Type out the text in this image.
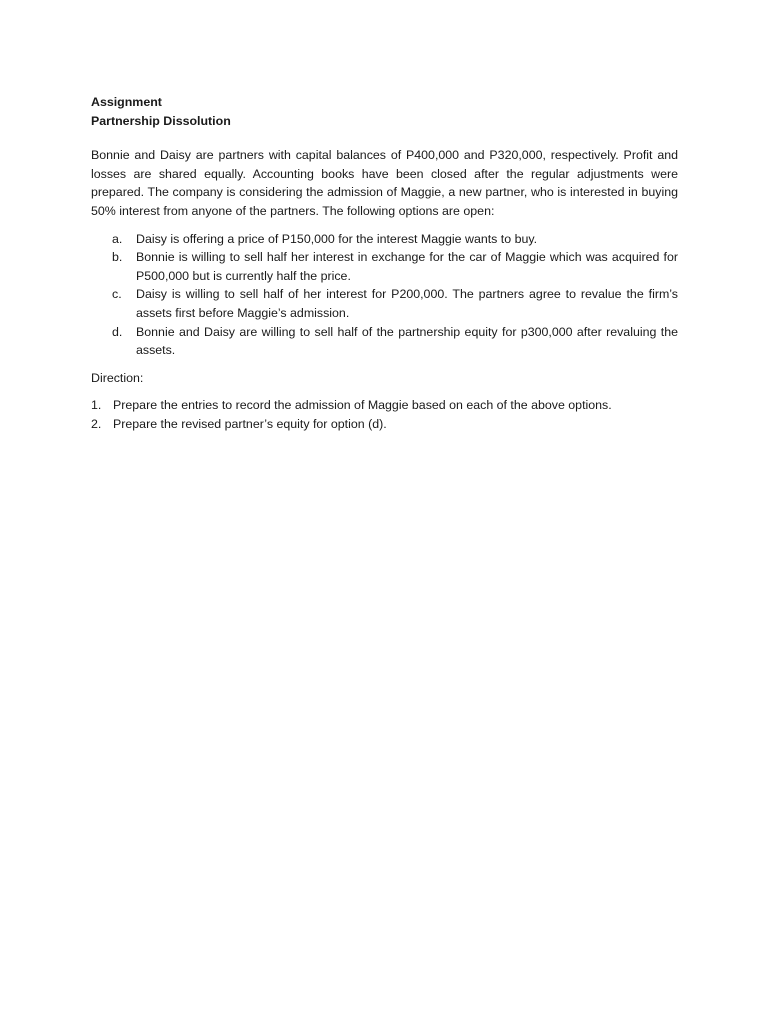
Assignment

Partnership Dissolution

Bonnie and Daisy are partners with capital balances of P400,000 and P320,000, respectively. Profit and losses are shared equally. Accounting books have been closed after the regular adjustments were prepared. The company is considering the admission of Maggie, a new partner, who is interested in buying 50% interest from anyone of the partners. The following options are open:

a. Daisy is offering a price of P150,000 for the interest Maggie wants to buy.
b. Bonnie is willing to sell half her interest in exchange for the car of Maggie which was acquired for P500,000 but is currently half the price.
c. Daisy is willing to sell half of her interest for P200,000. The partners agree to revalue the firm’s assets first before Maggie’s admission.
d. Bonnie and Daisy are willing to sell half of the partnership equity for p300,000 after revaluing the assets.

Direction:

1. Prepare the entries to record the admission of Maggie based on each of the above options.
2. Prepare the revised partner’s equity for option (d).
